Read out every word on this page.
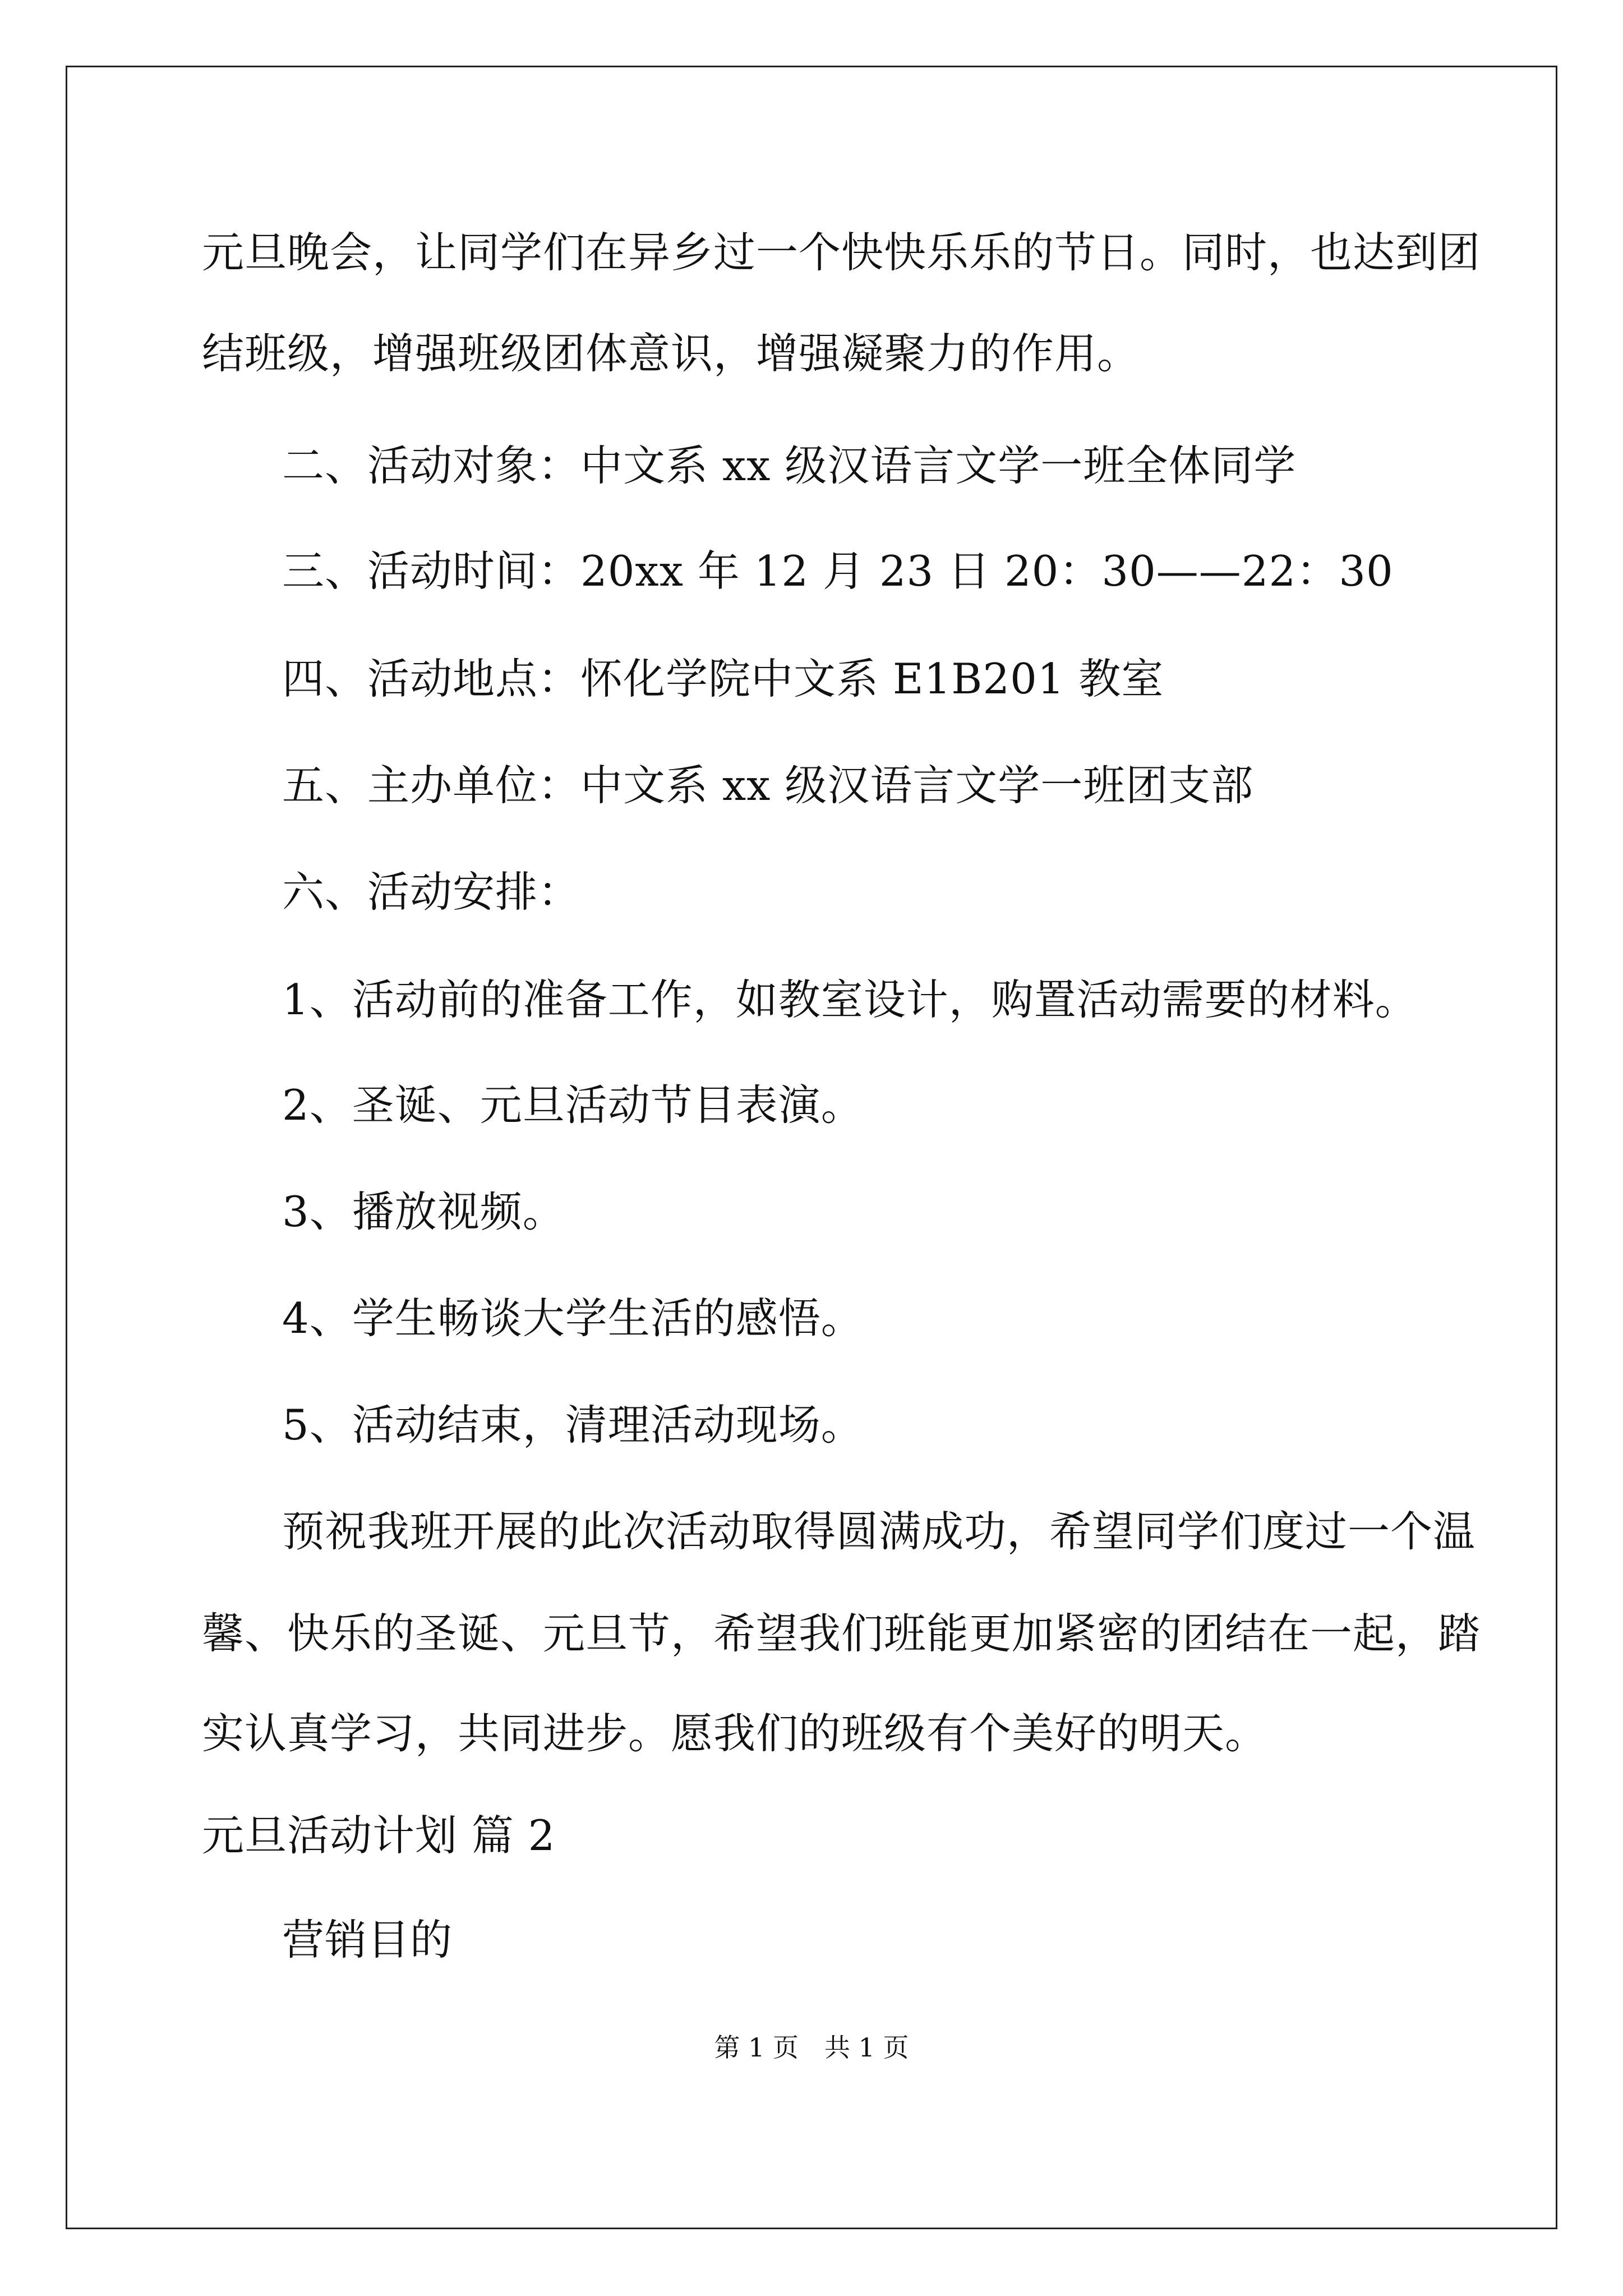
元旦晚会，让同学们在异乡过一个快快乐乐的节日。同时，也达到团
结班级，增强班级团体意识，增强凝聚力的作用。
二、活动对象：中文系 xx 级汉语言文学一班全体同学
三、活动时间：20xx 年 12 月 23 日 20：30——22：30
四、活动地点：怀化学院中文系 E1B201 教室
五、主办单位：中文系 xx 级汉语言文学一班团支部
六、活动安排：
1、活动前的准备工作，如教室设计，购置活动需要的材料。
2、圣诞、元旦活动节目表演。
3、播放视频。
4、学生畅谈大学生活的感悟。
5、活动结束，清理活动现场。
预祝我班开展的此次活动取得圆满成功，希望同学们度过一个温
馨、快乐的圣诞、元旦节，希望我们班能更加紧密的团结在一起，踏
实认真学习，共同进步。愿我们的班级有个美好的明天。
元旦活动计划 篇 2
营销目的
第 1 页　共 1 页
